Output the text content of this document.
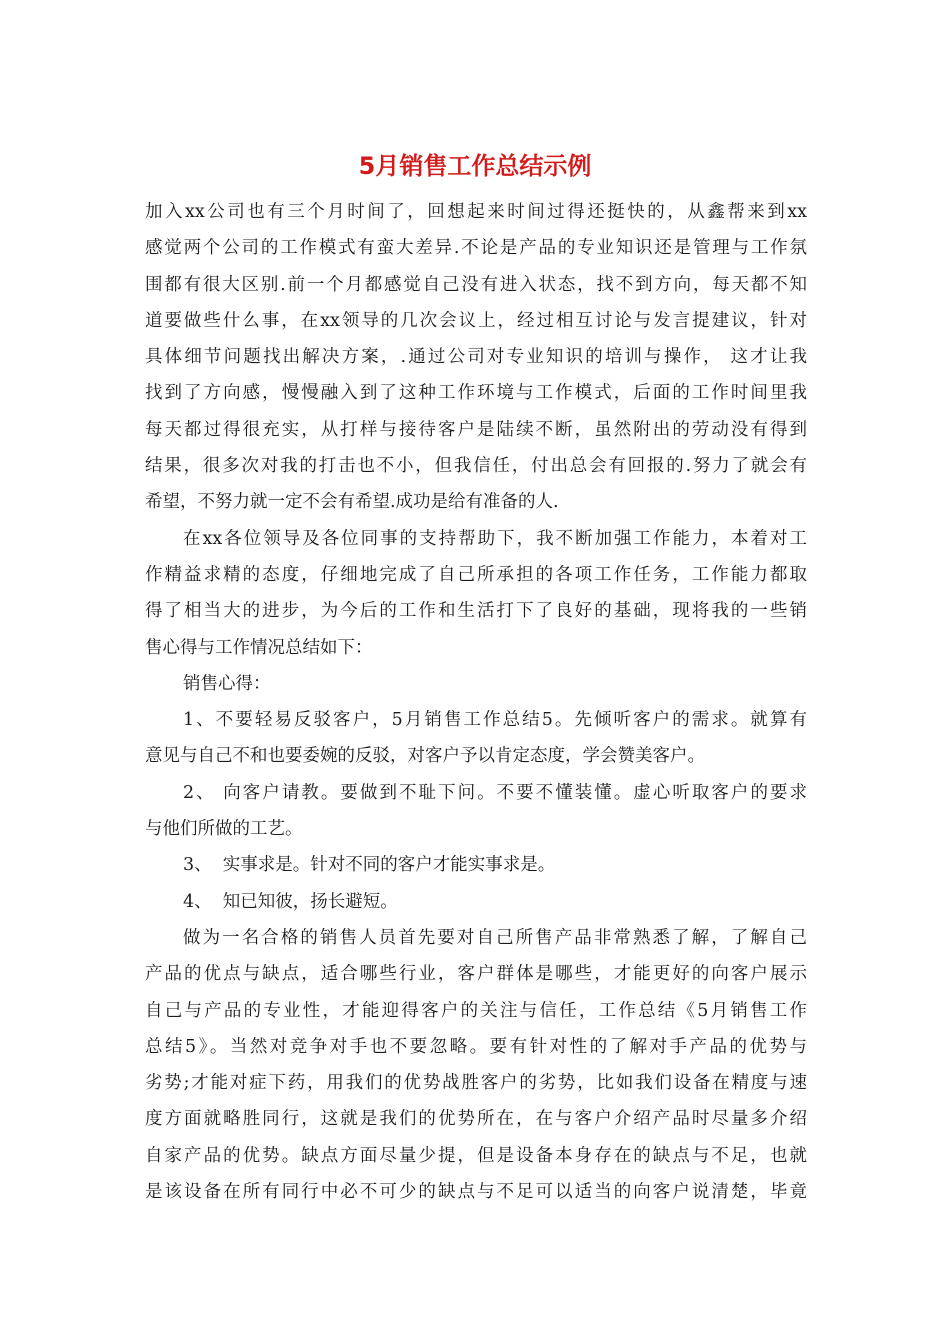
5月销售工作总结示例
加入xx公司也有三个月时间了，回想起来时间过得还挺快的，从鑫帮来到xx
感觉两个公司的工作模式有蛮大差异.不论是产品的专业知识还是管理与工作氛
围都有很大区别.前一个月都感觉自己没有进入状态，找不到方向，每天都不知
道要做些什么事，在xx领导的几次会议上，经过相互讨论与发言提建议，针对
具体细节问题找出解决方案，.通过公司对专业知识的培训与操作， 这才让我
找到了方向感，慢慢融入到了这种工作环境与工作模式，后面的工作时间里我
每天都过得很充实，从打样与接待客户是陆续不断，虽然附出的劳动没有得到
结果，很多次对我的打击也不小，但我信任，付出总会有回报的.努力了就会有
希望，不努力就一定不会有希望.成功是给有准备的人.
在xx各位领导及各位同事的支持帮助下，我不断加强工作能力，本着对工
作精益求精的态度，仔细地完成了自己所承担的各项工作任务，工作能力都取
得了相当大的进步，为今后的工作和生活打下了良好的基础，现将我的一些销
售心得与工作情况总结如下：
销售心得：
1、不要轻易反驳客户，5月销售工作总结5。先倾听客户的需求。就算有
意见与自己不和也要委婉的反驳，对客户予以肯定态度，学会赞美客户。
2、 向客户请教。要做到不耻下问。不要不懂装懂。虚心听取客户的要求
与他们所做的工艺。
3、  实事求是。针对不同的客户才能实事求是。
4、  知已知彼，扬长避短。
做为一名合格的销售人员首先要对自己所售产品非常熟悉了解，了解自己
产品的优点与缺点，适合哪些行业，客户群体是哪些，才能更好的向客户展示
自己与产品的专业性，才能迎得客户的关注与信任，工作总结《5月销售工作
总结5》。当然对竞争对手也不要忽略。要有针对性的了解对手产品的优势与
劣势;才能对症下药，用我们的优势战胜客户的劣势，比如我们设备在精度与速
度方面就略胜同行，这就是我们的优势所在，在与客户介绍产品时尽量多介绍
自家产品的优势。缺点方面尽量少提，但是设备本身存在的缺点与不足，也就
是该设备在所有同行中必不可少的缺点与不足可以适当的向客户说清楚，毕竟
